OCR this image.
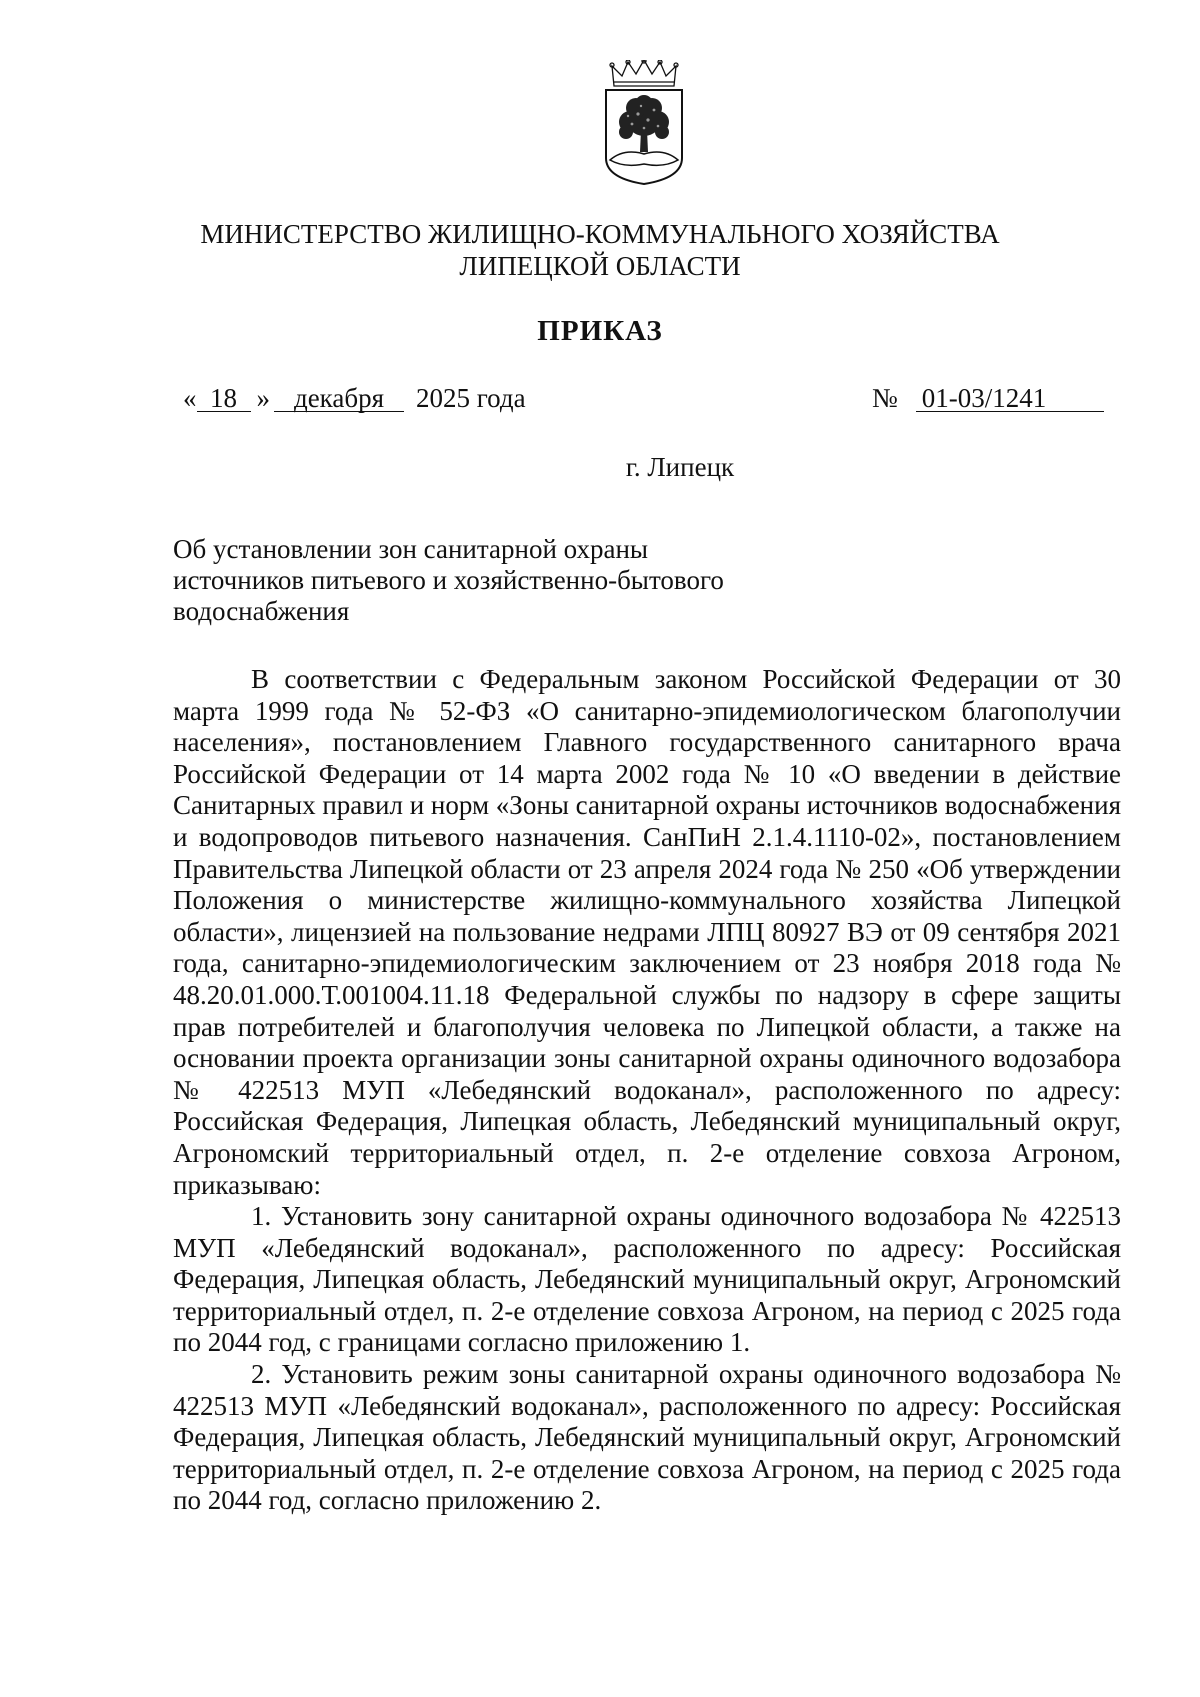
МИНИСТЕРСТВО ЖИЛИЩНО-КОММУНАЛЬНОГО ХОЗЯЙСТВА
ЛИПЕЦКОЙ ОБЛАСТИ
ПРИКАЗ
« 18 » декабря 2025 года	№ 01-03/1241
г. Липецк
Об установлении зон санитарной охраны
источников питьевого и хозяйственно-бытового
водоснабжения

В соответствии с Федеральным законом Российской Федерации от 30 марта 1999 года № 52-ФЗ «О санитарно-эпидемиологическом благополучии населения», постановлением Главного государственного санитарного врача Российской Федерации от 14 марта 2002 года № 10 «О введении в действие Санитарных правил и норм «Зоны санитарной охраны источников водоснабжения и водопроводов питьевого назначения. СанПиН 2.1.4.1110-02», постановлением Правительства Липецкой области от 23 апреля 2024 года № 250 «Об утверждении Положения о министерстве жилищно-коммунального хозяйства Липецкой области», лицензией на пользование недрами ЛПЦ 80927 ВЭ от 09 сентября 2021 года, санитарно-эпидемиологическим заключением от 23 ноября 2018 года № 48.20.01.000.Т.001004.11.18 Федеральной службы по надзору в сфере защиты прав потребителей и благополучия человека по Липецкой области, а также на основании проекта организации зоны санитарной охраны одиночного водозабора № 422513 МУП «Лебедянский водоканал», расположенного по адресу: Российская Федерация, Липецкая область, Лебедянский муниципальный округ, Агрономский территориальный отдел, п. 2-е отделение совхоза Агроном, приказываю:

1. Установить зону санитарной охраны одиночного водозабора № 422513 МУП «Лебедянский водоканал», расположенного по адресу: Российская Федерация, Липецкая область, Лебедянский муниципальный округ, Агрономский территориальный отдел, п. 2-е отделение совхоза Агроном, на период с 2025 года по 2044 год, с границами согласно приложению 1.

2. Установить режим зоны санитарной охраны одиночного водозабора № 422513 МУП «Лебедянский водоканал», расположенного по адресу: Российская Федерация, Липецкая область, Лебедянский муниципальный округ, Агрономский территориальный отдел, п. 2-е отделение совхоза Агроном, на период с 2025 года по 2044 год, согласно приложению 2.
